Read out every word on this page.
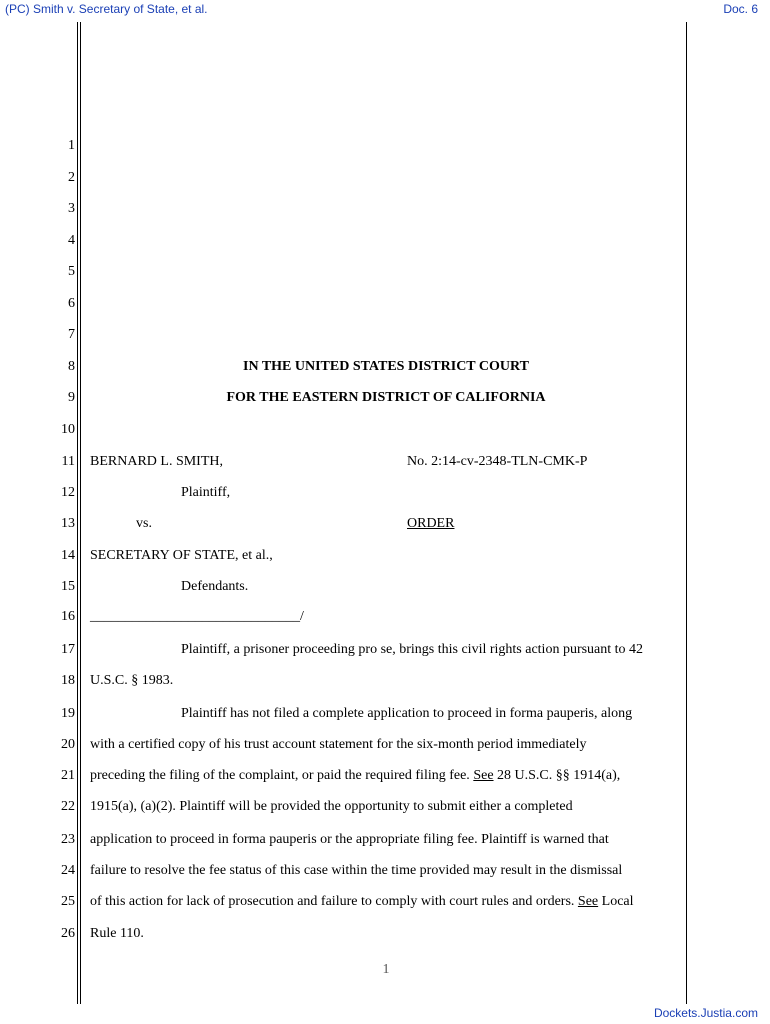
(PC) Smith v. Secretary of State, et al.	Doc. 6
1
2
3
4
5
6
7
8
9
10
11
12
13
14
15
16
17
18
19
20
21
22
23
24
25
26
IN THE UNITED STATES DISTRICT COURT
FOR THE EASTERN DISTRICT OF CALIFORNIA
BERNARD L. SMITH,	No. 2:14-cv-2348-TLN-CMK-P
Plaintiff,
vs.	ORDER
SECRETARY OF STATE, et al.,
Defendants.
______________________________/
Plaintiff, a prisoner proceeding pro se, brings this civil rights action pursuant to 42
U.S.C. § 1983.
Plaintiff has not filed a complete application to proceed in forma pauperis, along
with a certified copy of his trust account statement for the six-month period immediately
preceding the filing of the complaint, or paid the required filing fee. See 28 U.S.C. §§ 1914(a),
1915(a), (a)(2). Plaintiff will be provided the opportunity to submit either a completed
application to proceed in forma pauperis or the appropriate filing fee. Plaintiff is warned that
failure to resolve the fee status of this case within the time provided may result in the dismissal
of this action for lack of prosecution and failure to comply with court rules and orders. See Local
Rule 110.
1
Dockets.Justia.com
